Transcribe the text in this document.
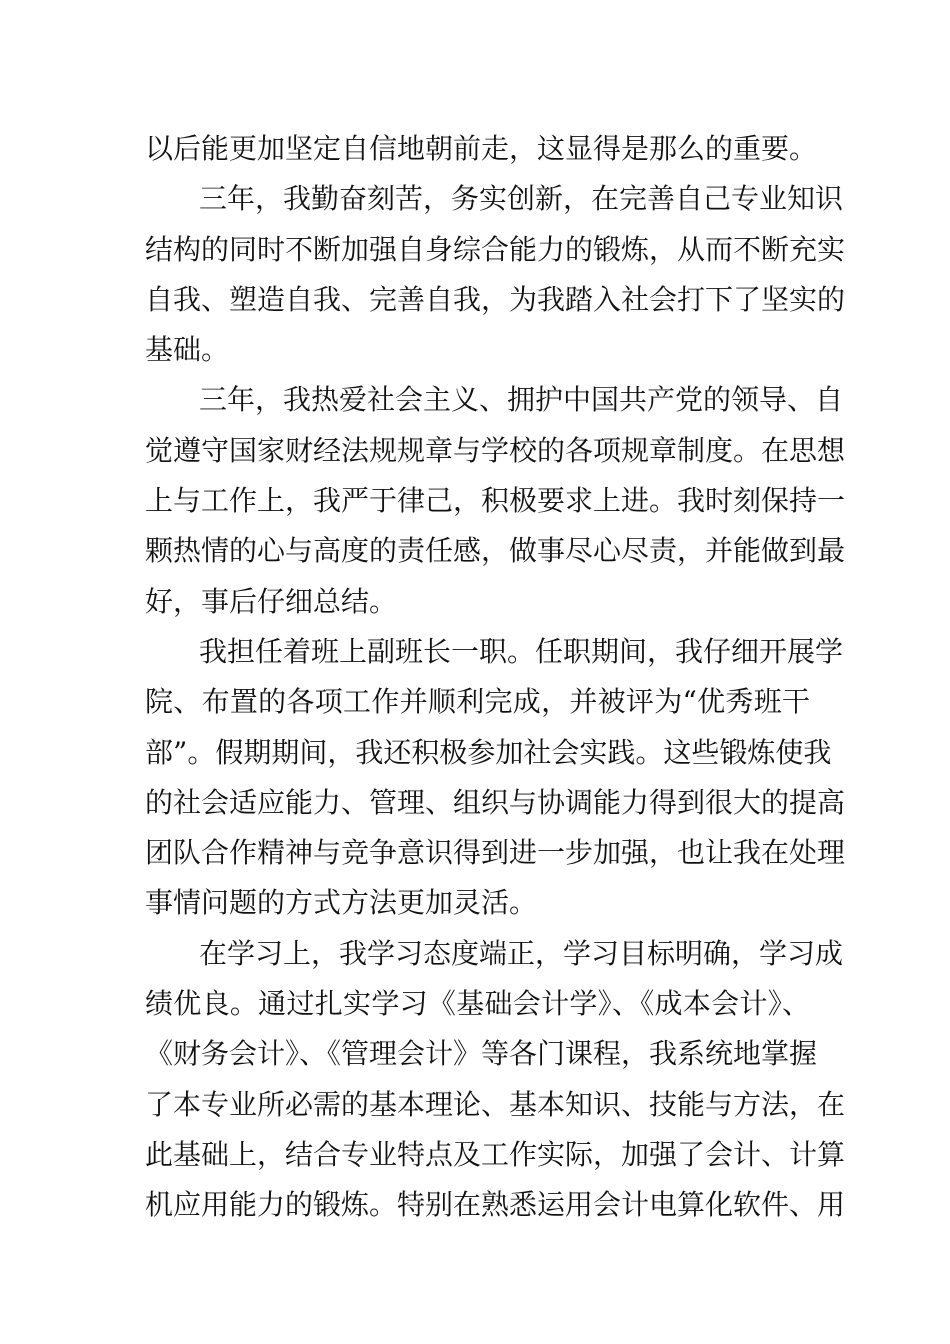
以后能更加坚定自信地朝前走，这显得是那么的重要。
三年，我勤奋刻苦，务实创新，在完善自己专业知识
结构的同时不断加强自身综合能力的锻炼，从而不断充实
自我、塑造自我、完善自我，为我踏入社会打下了坚实的
基础。
三年，我热爱社会主义、拥护中国共产党的领导、自
觉遵守国家财经法规规章与学校的各项规章制度。在思想
上与工作上，我严于律己，积极要求上进。我时刻保持一
颗热情的心与高度的责任感，做事尽心尽责，并能做到最
好，事后仔细总结。
我担任着班上副班长一职。任职期间，我仔细开展学
院、布置的各项工作并顺利完成，并被评为“优秀班干
部”。假期期间，我还积极参加社会实践。这些锻炼使我
的社会适应能力、管理、组织与协调能力得到很大的提高
团队合作精神与竞争意识得到进一步加强，也让我在处理
事情问题的方式方法更加灵活。
在学习上，我学习态度端正，学习目标明确，学习成
绩优良。通过扎实学习《基础会计学》、《成本会计》、
《财务会计》、《管理会计》等各门课程，我系统地掌握
了本专业所必需的基本理论、基本知识、技能与方法，在
此基础上，结合专业特点及工作实际，加强了会计、计算
机应用能力的锻炼。特别在熟悉运用会计电算化软件、用
